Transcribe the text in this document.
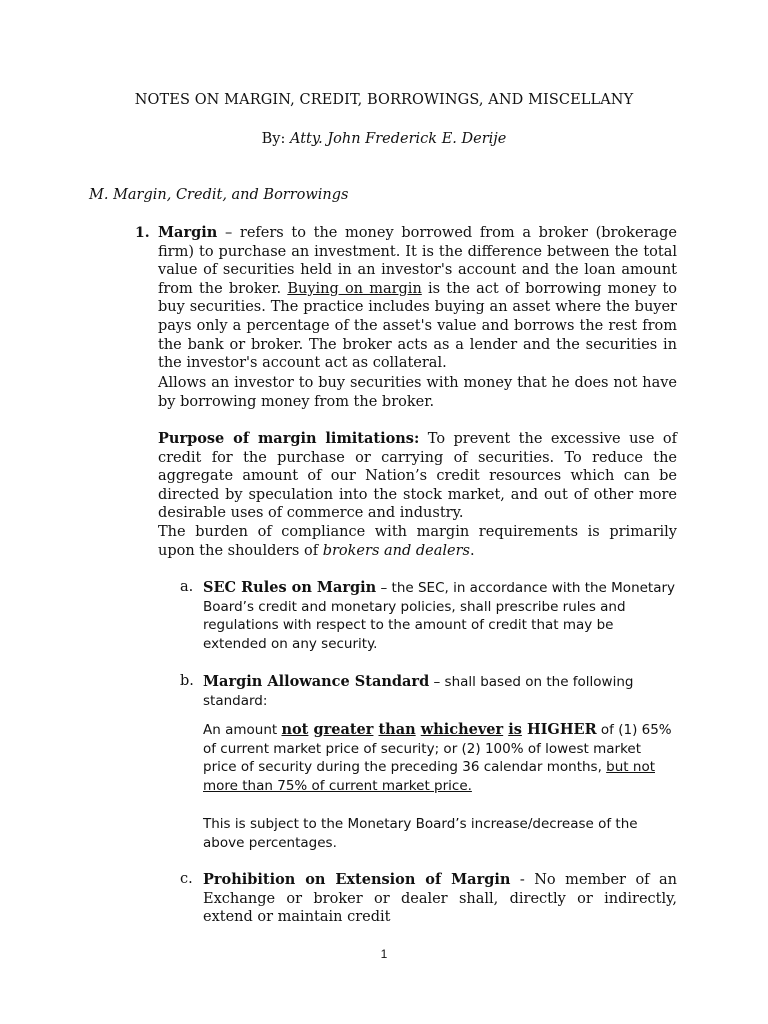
NOTES ON MARGIN, CREDIT, BORROWINGS, AND MISCELLANY
By: Atty. John Frederick E. Derije
M. Margin, Credit, and Borrowings
1. Margin – refers to the money borrowed from a broker (brokerage firm) to purchase an investment. It is the difference between the total value of securities held in an investor's account and the loan amount from the broker. Buying on margin is the act of borrowing money to buy securities. The practice includes buying an asset where the buyer pays only a percentage of the asset's value and borrows the rest from the bank or broker. The broker acts as a lender and the securities in the investor's account act as collateral.

Allows an investor to buy securities with money that he does not have by borrowing money from the broker.

Purpose of margin limitations: To prevent the excessive use of credit for the purchase or carrying of securities. To reduce the aggregate amount of our Nation’s credit resources which can be directed by speculation into the stock market, and out of other more desirable uses of commerce and industry.

The burden of compliance with margin requirements is primarily upon the shoulders of brokers and dealers.

a. SEC Rules on Margin – the SEC, in accordance with the Monetary Board’s credit and monetary policies, shall prescribe rules and regulations with respect to the amount of credit that may be extended on any security.

b. Margin Allowance Standard – shall based on the following standard:

An amount not greater than whichever is HIGHER of (1) 65% of current market price of security; or (2) 100% of lowest market price of security during the preceding 36 calendar months, but not more than 75% of current market price.

This is subject to the Monetary Board’s increase/decrease of the above percentages.

c. Prohibition on Extension of Margin - No member of an Exchange or broker or dealer shall, directly or indirectly, extend or maintain credit

1
